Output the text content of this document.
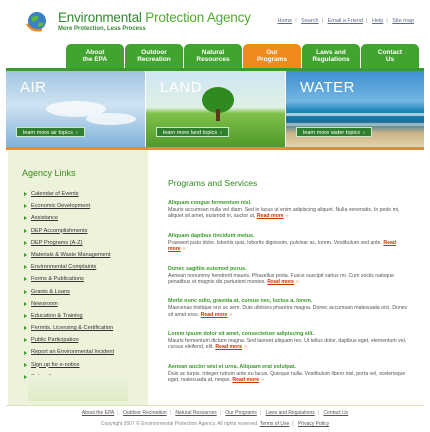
Environmental Protection Agency
More Protection, Less Process
Home | Search | Email a Friend | Help | Site map
About
the EPA
Outdoor
Recreation
Natural
Resources
Our
Programs
Laws and
Regulations
Contact
Us
AIR
learn more air topics ›
LAND
learn more land topics ›
WATER
learn more water topics ›
Agency Links
Calendar of Events
Economic Development
Assistance
DEP Accomplishments
DEP Programs (A-Z)
Materials & Waste Management
Environmental Complaints
Forms & Publications
Grants & Loans
Newsroom
Education & Training
Permits, Licensing & Certification
Public Participation
Report an Environmental Incident
Sign up for e-notice
Programs and Services
Aliquam congue fermentum nisl.
Mauris accumsan nulla vel diam. Sed in lacus ut enim adipiscing aliquet. Nulla venenatis. In pede mi, aliquet sit amet, euismod in, auctor ut, Read more »
Aliquam dapibus tincidunt metus.
Praesent justo dolor, lobortis quis, lobortis dignissim, pulvinar ac, lorem. Vestibulum sed ante. Read more »
Donec sagittis euismod purus.
Aenean nonummy hendrerit mauris. Phasellus porta. Fusce suscipit varius mi. Cum sociis natoque penatibus et magnis dis parturient montes. Read more »
Morbi nunc odio, gravida at, cursus nec, luctus a, lorem.
Maecenas tristique orci ac sem. Duis ultricies pharetra magna. Donec accumsan malesuada orci. Donec sit amet eros. Read more »
Lorem ipsum dolor sit amet, consectetuer adipiscing elit.
Mauris fermentum dictum magna. Sed laoreet aliquam leo. Ut tellus dolor, dapibus eget, elementum vel, cursus eleifend, elit. Read more »
Aenean auctor wisi et urna. Aliquam erat volutpat.
Duis ac turpis. Integer rutrum ante eu lacus. Quisque nulla. Vestibulum libero nisl, porta vel, scelerisque eget, malesuada at, neque. Read more »
About the EPA | Outdoor Recreation | Natural Resources | Our Programs | Laws and Regulations | Contact Us
Copyright 2007 © Environmental Protection Agency. All rights reserved. Terms of Use | Privacy Policy
